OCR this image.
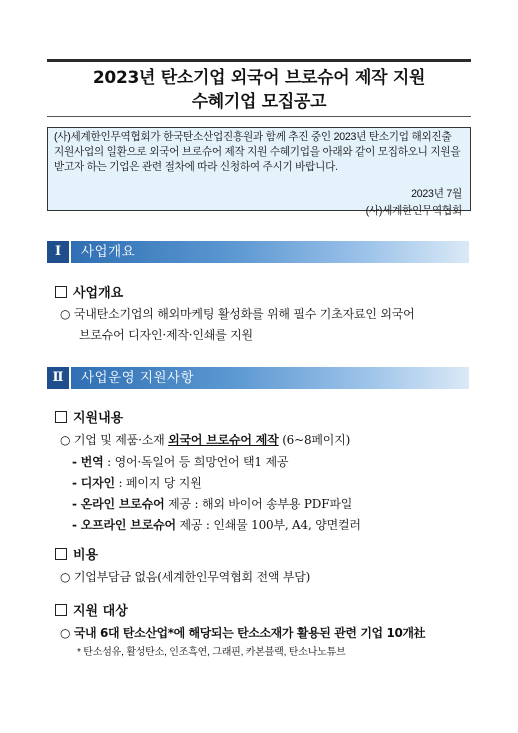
2023년 탄소기업 외국어 브로슈어 제작 지원
수혜기업 모집공고
(사)세계한인무역협회가 한국탄소산업진흥원과 함께 추진 중인 2023년 탄소기업 해외진출
지원사업의 일환으로 외국어 브로슈어 제작 지원 수혜기업을 아래와 같이 모집하오니 지원을
받고자 하는 기업은 관련 절차에 따라 신청하여 주시기 바랍니다.
2023년 7월
(사)세계한인무역협회
Ⅰ	사업개요
사업개요
○ 국내탄소기업의 해외마케팅 활성화를 위해 필수 기초자료인 외국어
브로슈어 디자인·제작·인쇄를 지원
Ⅱ	사업운영 지원사항
지원내용
○ 기업 및 제품·소재 외국어 브로슈어 제작 (6~8페이지)
- 번역 : 영어·독일어 등 희망언어 택1 제공
- 디자인 : 페이지 당 지원
- 온라인 브로슈어 제공 : 해외 바이어 송부용 PDF파일
- 오프라인 브로슈어 제공 : 인쇄물 100부, A4, 양면컬러
비용
○ 기업부담금 없음(세계한인무역협회 전액 부담)
지원 대상
○ 국내 6대 탄소산업*에 해당되는 탄소소재가 활용된 관련 기업 10개社
* 탄소섬유, 활성탄소, 인조흑연, 그래핀, 카본블랙, 탄소나노튜브
